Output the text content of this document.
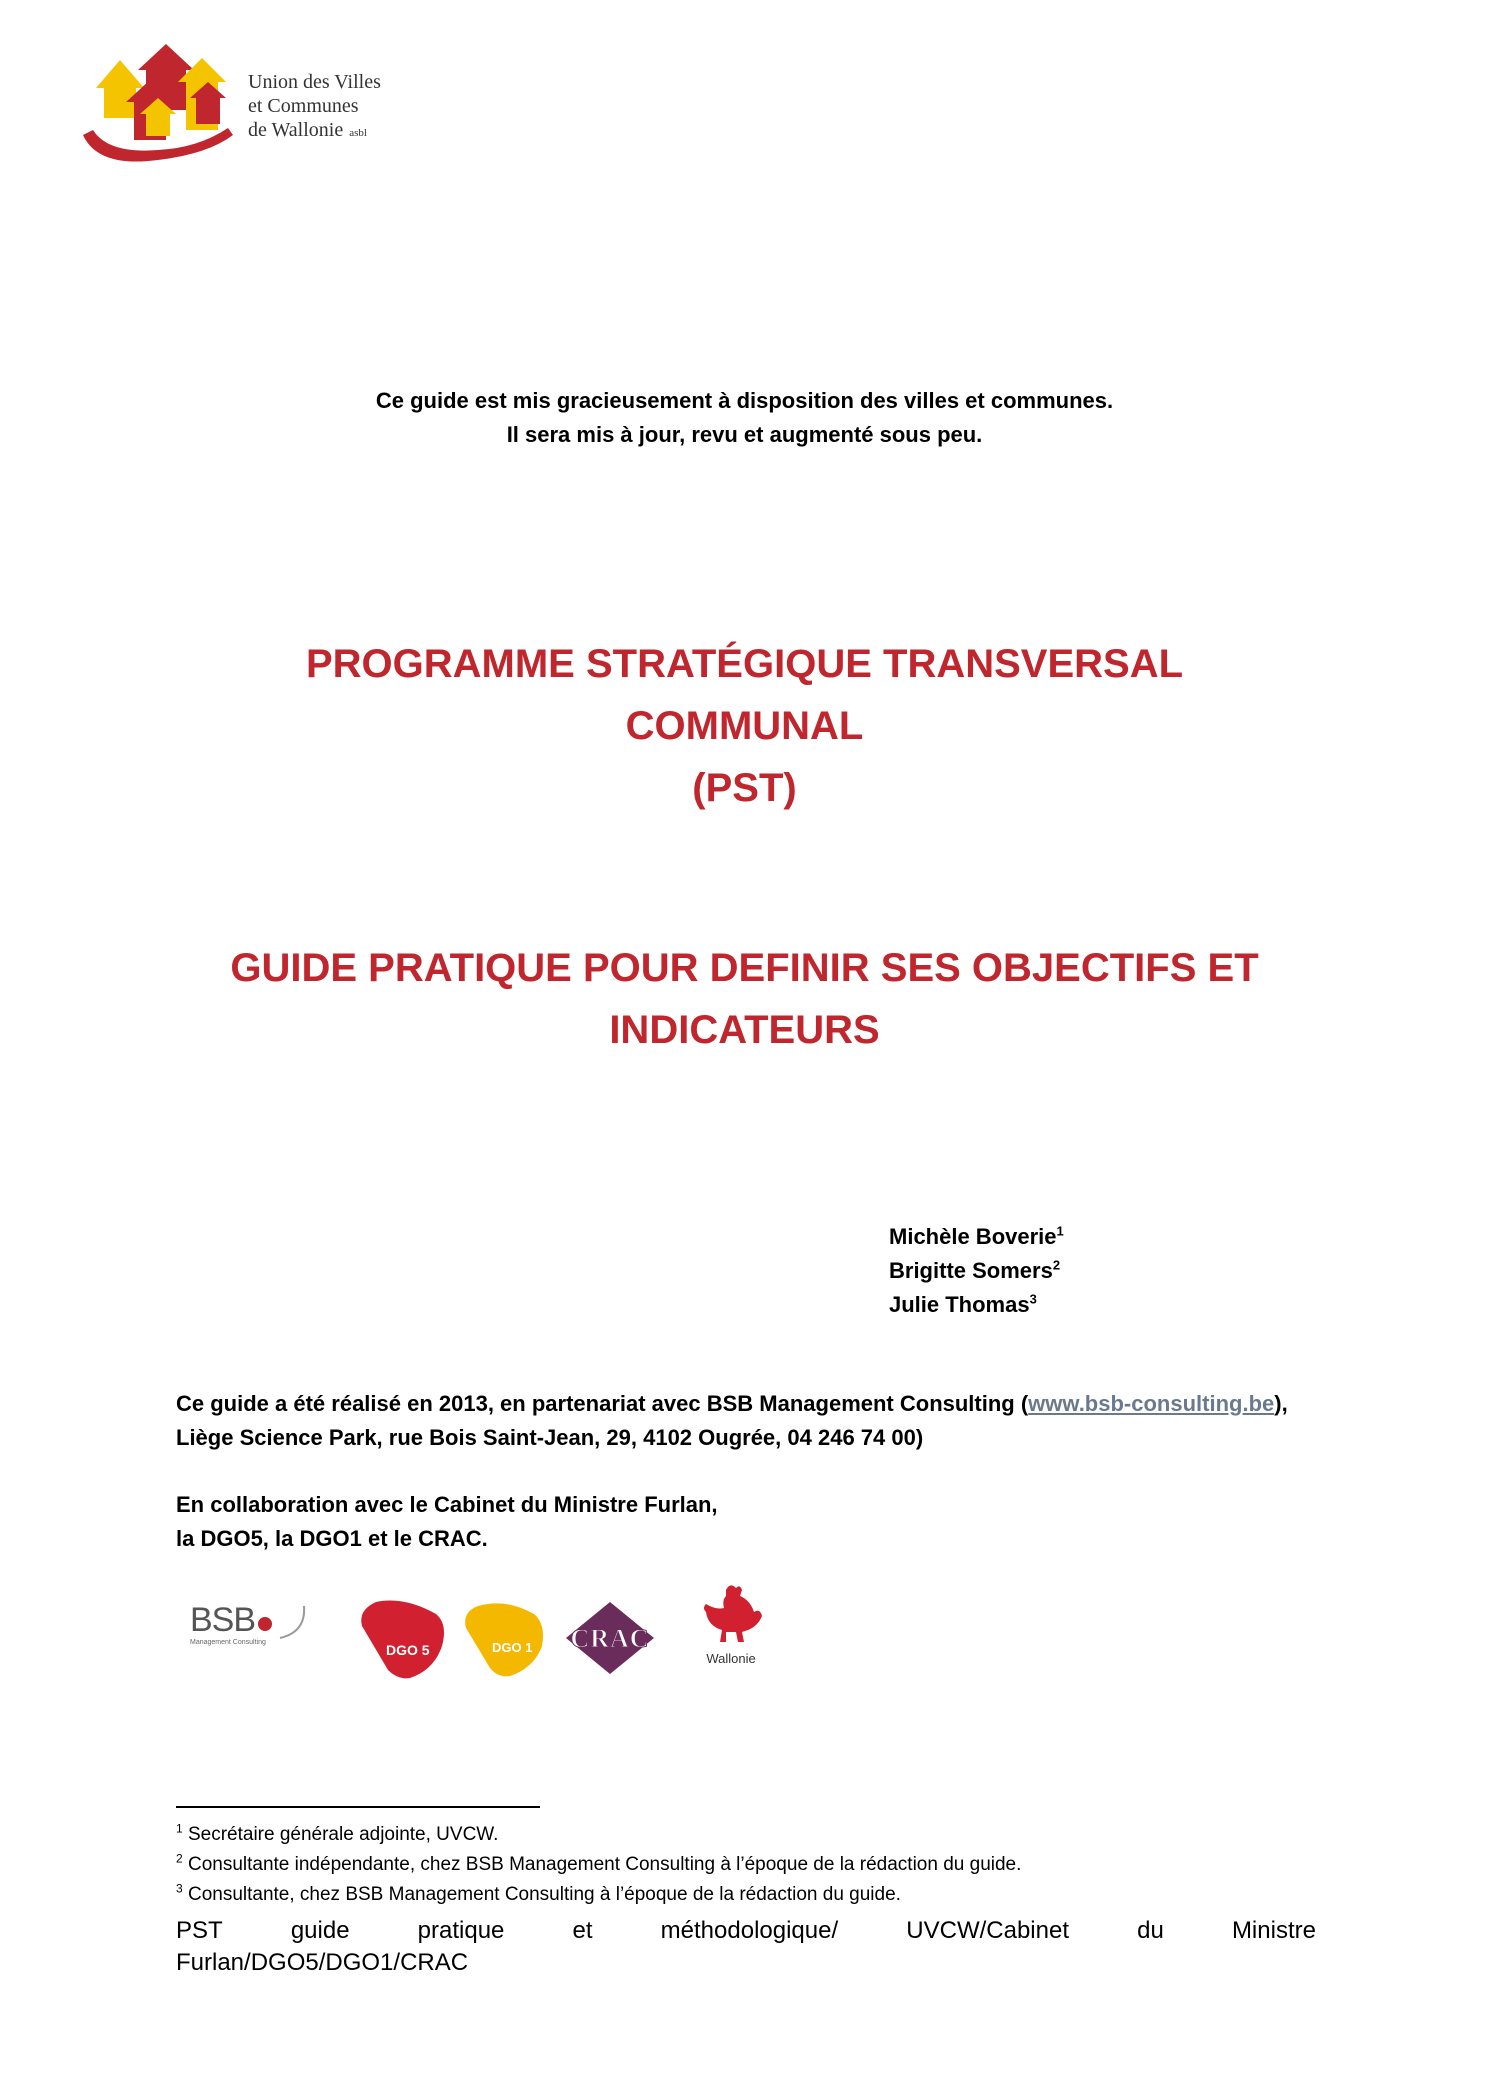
Union des Villes
et Communes
de Wallonie asbl
Ce guide est mis gracieusement à disposition des villes et communes.
Il sera mis à jour, revu et augmenté sous peu.
PROGRAMME STRATÉGIQUE TRANSVERSAL
COMMUNAL
(PST)
GUIDE PRATIQUE POUR DEFINIR SES OBJECTIFS ET
INDICATEURS
Michèle Boverie$^1$
Brigitte Somers$^2$
Julie Thomas$^3$
Ce guide a été réalisé en 2013, en partenariat avec BSB Management Consulting (www.bsb-consulting.be), Liège Science Park, rue Bois Saint-Jean, 29, 4102 Ougrée, 04 246 74 00)
En collaboration avec le Cabinet du Ministre Furlan,
la DGO5, la DGO1 et le CRAC.
BSB
Management Consulting	DGO 5	DGO 1 CRAC
Wallonie
$^1$ Secrétaire générale adjointe, UVCW.
$^2$ Consultante indépendante, chez BSB Management Consulting à l’époque de la rédaction du guide.
$^3$ Consultante, chez BSB Management Consulting à l’époque de la rédaction du guide.
PST	guide	pratique	et	méthodologique/	UVCW/Cabinet	du	Ministre
Furlan/DGO5/DGO1/CRAC
